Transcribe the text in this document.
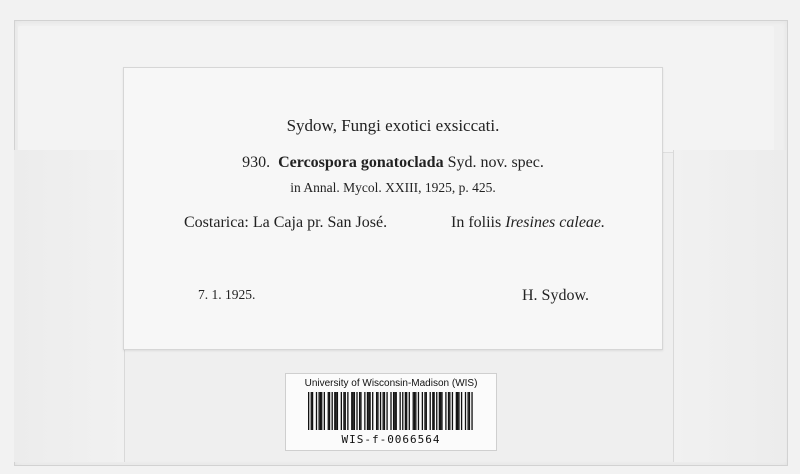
Sydow, Fungi exotici exsiccati.
930. Cercospora gonatoclada Syd. nov. spec.
in Annal. Mycol. XXIII, 1925, p. 425.
Costarica: La Caja pr. San José.	In foliis Iresines caleae.
7. 1. 1925.	H. Sydow.
University of Wisconsin-Madison (WIS)
WIS-f-0066564
